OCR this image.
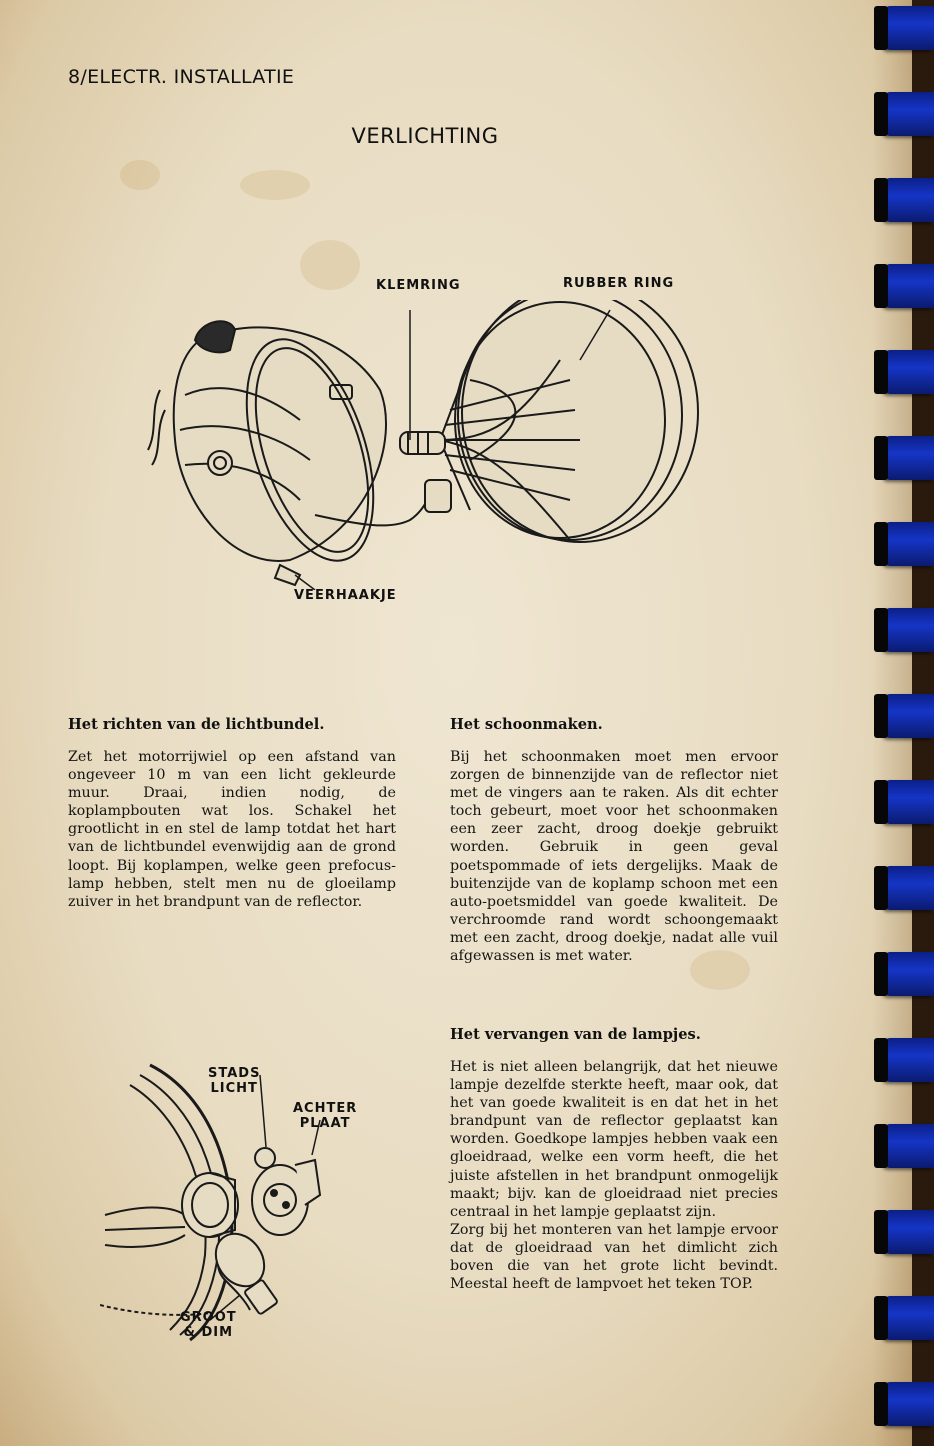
8/ELECTR. INSTALLATIE
VERLICHTING
KLEMRING	RUBBER RING
VEERHAAKJE
Het richten van de lichtbundel.

Zet het motorrijwiel op een afstand van ongeveer 10 m van een licht gekleurde muur. Draai, indien nodig, de koplampbouten wat los. Schakel het grootlicht in en stel de lamp totdat het hart van de lichtbundel evenwijdig aan de grond loopt. Bij koplampen, welke geen prefocus-lamp hebben, stelt men nu de gloeilamp zuiver in het brandpunt van de reflector.

Het schoonmaken.

Bij het schoonmaken moet men ervoor zorgen de binnenzijde van de reflector niet met de vingers aan te raken. Als dit echter toch gebeurt, moet voor het schoonmaken een zeer zacht, droog doekje gebruikt worden. Gebruik in geen geval poetspommade of iets dergelijks. Maak de buitenzijde van de koplamp schoon met een auto-poetsmiddel van goede kwaliteit. De verchroomde rand wordt schoongemaakt met een zacht, droog doekje, nadat alle vuil afgewassen is met water.

Het vervangen van de lampjes.

Het is niet alleen belangrijk, dat het nieuwe lampje dezelfde sterkte heeft, maar ook, dat het van goede kwaliteit is en dat het in het brandpunt van de reflector geplaatst kan worden. Goedkope lampjes hebben vaak een gloeidraad, welke een vorm heeft, die het juiste afstellen in het brandpunt onmogelijk maakt; bijv. kan de gloeidraad niet precies centraal in het lampje geplaatst zijn.

Zorg bij het monteren van het lampje ervoor dat de gloeidraad van het dimlicht zich boven die van het grote licht bevindt. Meestal heeft de lampvoet het teken TOP.

STADS
LICHT
ACHTER
PLAAT
GROOT
& DIM
